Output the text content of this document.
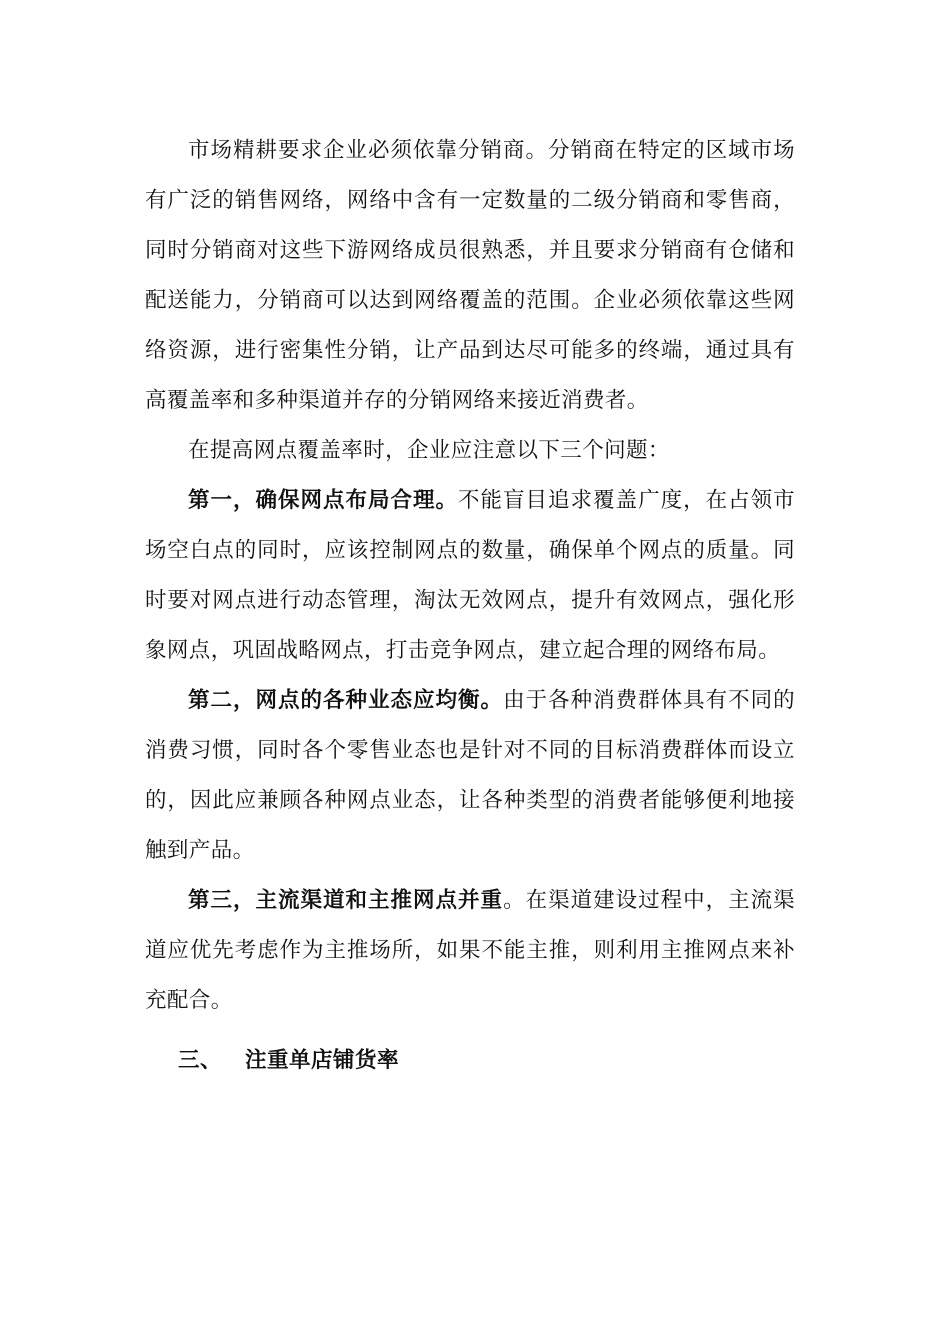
市场精耕要求企业必须依靠分销商。分销商在特定的区域市场有广泛的销售网络，网络中含有一定数量的二级分销商和零售商，同时分销商对这些下游网络成员很熟悉，并且要求分销商有仓储和配送能力，分销商可以达到网络覆盖的范围。企业必须依靠这些网络资源，进行密集性分销，让产品到达尽可能多的终端，通过具有高覆盖率和多种渠道并存的分销网络来接近消费者。

在提高网点覆盖率时，企业应注意以下三个问题：

第一，确保网点布局合理。不能盲目追求覆盖广度，在占领市场空白点的同时，应该控制网点的数量，确保单个网点的质量。同时要对网点进行动态管理，淘汰无效网点，提升有效网点，强化形象网点，巩固战略网点，打击竞争网点，建立起合理的网络布局。

第二，网点的各种业态应均衡。由于各种消费群体具有不同的消费习惯，同时各个零售业态也是针对不同的目标消费群体而设立的，因此应兼顾各种网点业态，让各种类型的消费者能够便利地接触到产品。

第三，主流渠道和主推网点并重。在渠道建设过程中，主流渠道应优先考虑作为主推场所，如果不能主推，则利用主推网点来补充配合。

三、 注重单店铺货率
